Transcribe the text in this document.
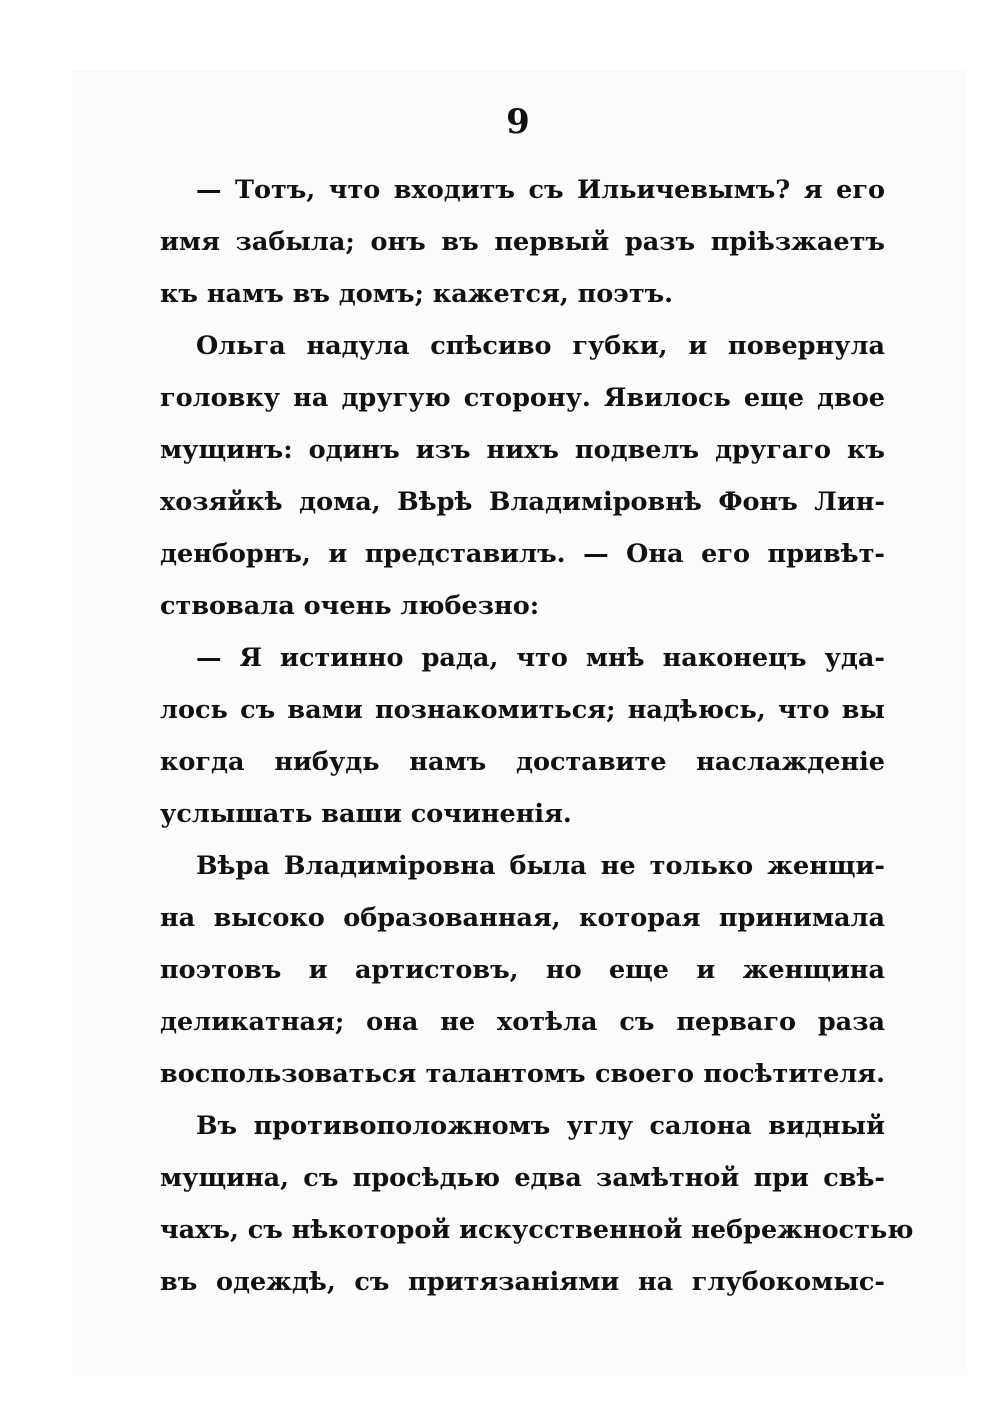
9
— Тотъ, что входитъ съ Ильичевымъ? я его
имя забыла; онъ въ первый разъ пріѣзжаетъ
къ намъ въ домъ; кажется, поэтъ.
Ольга надула спѣсиво губки, и повернула
головку на другую сторону. Явилось еще двое
мущинъ: одинъ изъ нихъ подвелъ другаго къ
хозяйкѣ дома, Вѣрѣ Владиміровнѣ Фонъ Лин-
денборнъ, и представилъ. — Она его привѣт-
ствовала очень любезно:
— Я истинно рада, что мнѣ наконецъ уда-
лось съ вами познакомиться; надѣюсь, что вы
когда нибудь намъ доставите наслажденіе
услышать ваши сочиненія.
Вѣра Владиміровна была не только женщи-
на высоко образованная, которая принимала
поэтовъ и артистовъ, но еще и женщина
деликатная; она не хотѣла съ перваго раза
воспользоваться талантомъ своего посѣтителя.
Въ противоположномъ углу салона видный
мущина, съ просѣдью едва замѣтной при свѣ-
чахъ, съ нѣкоторой искусственной небрежностью
въ одеждѣ, съ притязаніями на глубокомыс-
